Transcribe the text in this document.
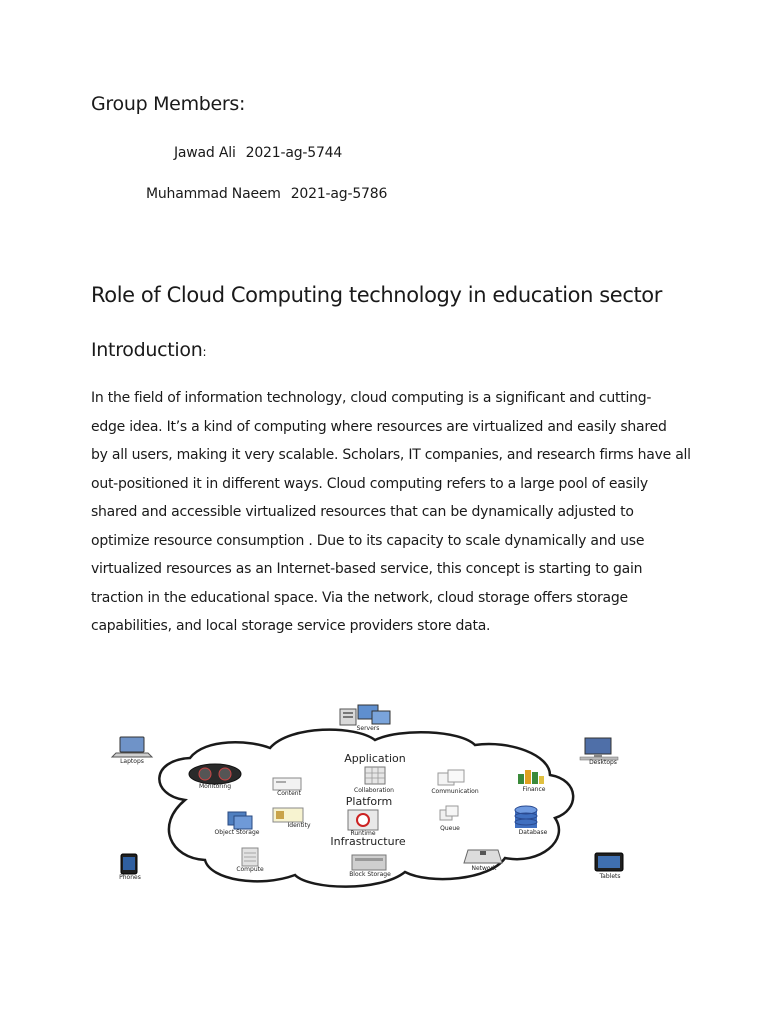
Group Members:
Jawad Ali 2021-ag-5744
Muhammad Naeem 2021-ag-5786
Role of Cloud Computing technology in education sector
Introduction:
In the field of information technology, cloud computing is a significant and cutting-
edge idea. It’s a kind of computing where resources are virtualized and easily shared
by all users, making it very scalable. Scholars, IT companies, and research firms have all
out-positioned it in different ways. Cloud computing refers to a large pool of easily
shared and accessible virtualized resources that can be dynamically adjusted to
optimize resource consumption . Due to its capacity to scale dynamically and use
virtualized resources as an Internet-based service, this concept is starting to gain
traction in the educational space. Via the network, cloud storage offers storage
capabilities, and local storage service providers store data.
Servers
Laptops	Desktops
Phones	Tablets
Application
Platform
Infrastructure
Monitoring
Content	Collaboration	Communication	Finance
Identity
Object Storage	Runtime
Queue
Database
Compute
Block Storage
Network
